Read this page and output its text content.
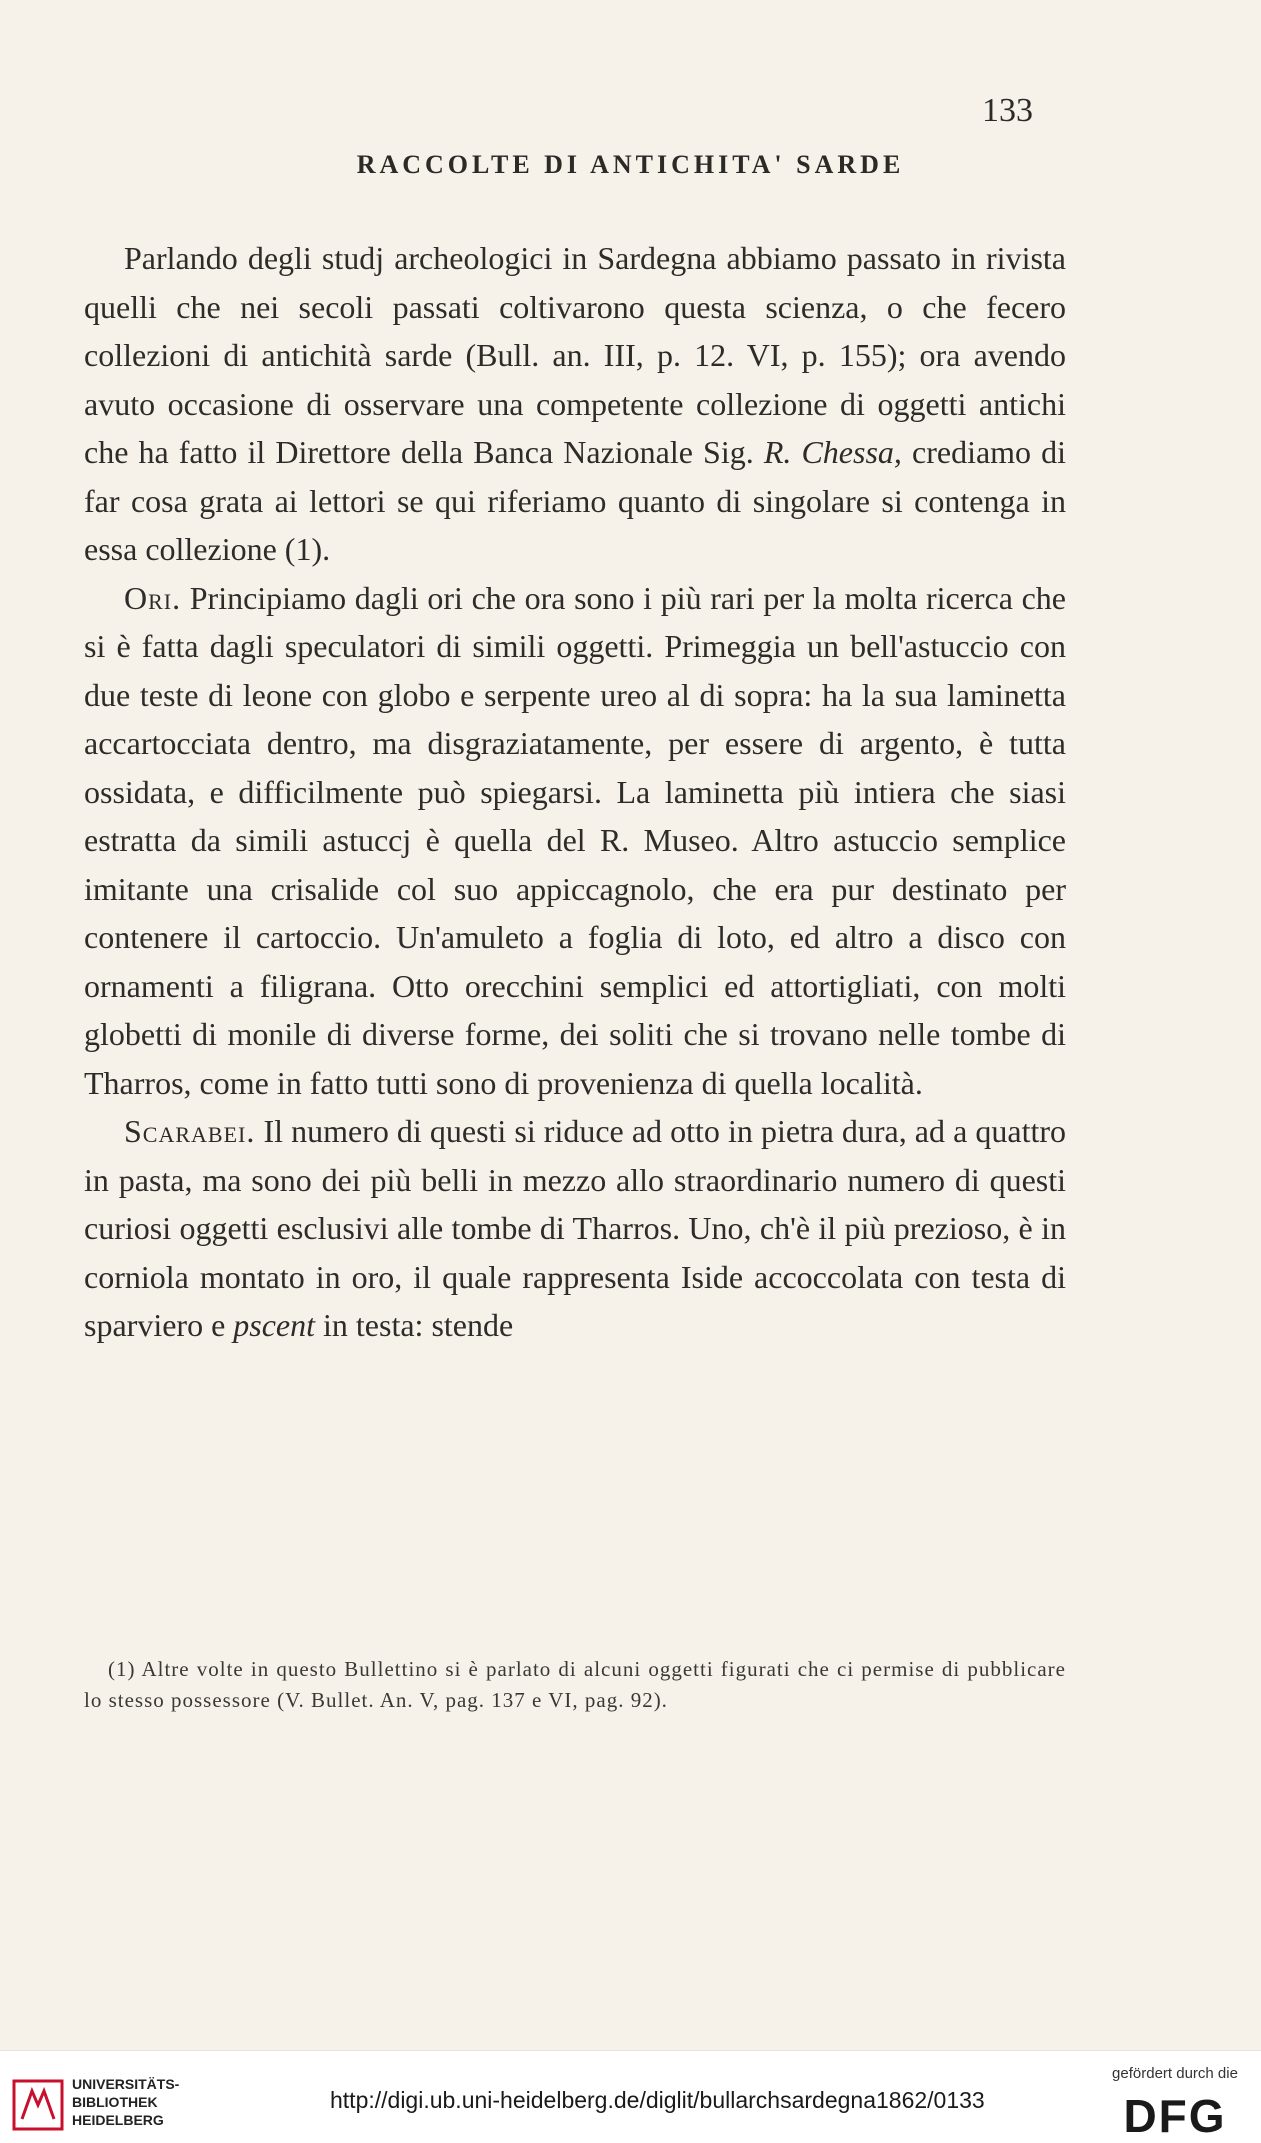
133
RACCOLTE DI ANTICHITA' SARDE

Parlando degli studj archeologici in Sardegna abbiamo passato in rivista quelli che nei secoli passati coltivarono questa scienza, o che fecero collezioni di antichità sarde (Bull. an. III, p. 12. VI, p. 155); ora avendo avuto occasione di osservare una competente collezione di oggetti antichi che ha fatto il Direttore della Banca Nazionale Sig. R. Chessa, crediamo di far cosa grata ai lettori se qui riferiamo quanto di singolare si contenga in essa collezione (1).

Ori. Principiamo dagli ori che ora sono i più rari per la molta ricerca che si è fatta dagli speculatori di simili oggetti. Primeggia un bell'astuccio con due teste di leone con globo e serpente ureo al di sopra: ha la sua laminetta accartocciata dentro, ma disgraziatamente, per essere di argento, è tutta ossidata, e difficilmente può spiegarsi. La laminetta più intiera che siasi estratta da simili astuccj è quella del R. Museo. Altro astuccio semplice imitante una crisalide col suo appiccagnolo, che era pur destinato per contenere il cartoccio. Un'amuleto a foglia di loto, ed altro a disco con ornamenti a filigrana. Otto orecchini semplici ed attortigliati, con molti globetti di monile di diverse forme, dei soliti che si trovano nelle tombe di Tharros, come in fatto tutti sono di provenienza di quella località.

Scarabei. Il numero di questi si riduce ad otto in pietra dura, ad a quattro in pasta, ma sono dei più belli in mezzo allo straordinario numero di questi curiosi oggetti esclusivi alle tombe di Tharros. Uno, ch'è il più prezioso, è in corniola montato in oro, il quale rappresenta Iside accoccolata con testa di sparviero e pscent in testa: stende

(1) Altre volte in questo Bullettino si è parlato di alcuni oggetti figurati che ci permise di pubblicare lo stesso possessore (V. Bullet. An. V, pag. 137 e VI, pag. 92).

UNIVERSITÄTS-
BIBLIOTHEK
HEIDELBERG
http://digi.ub.uni-heidelberg.de/diglit/bullarchsardegna1862/0133
gefördert durch die
DFG
